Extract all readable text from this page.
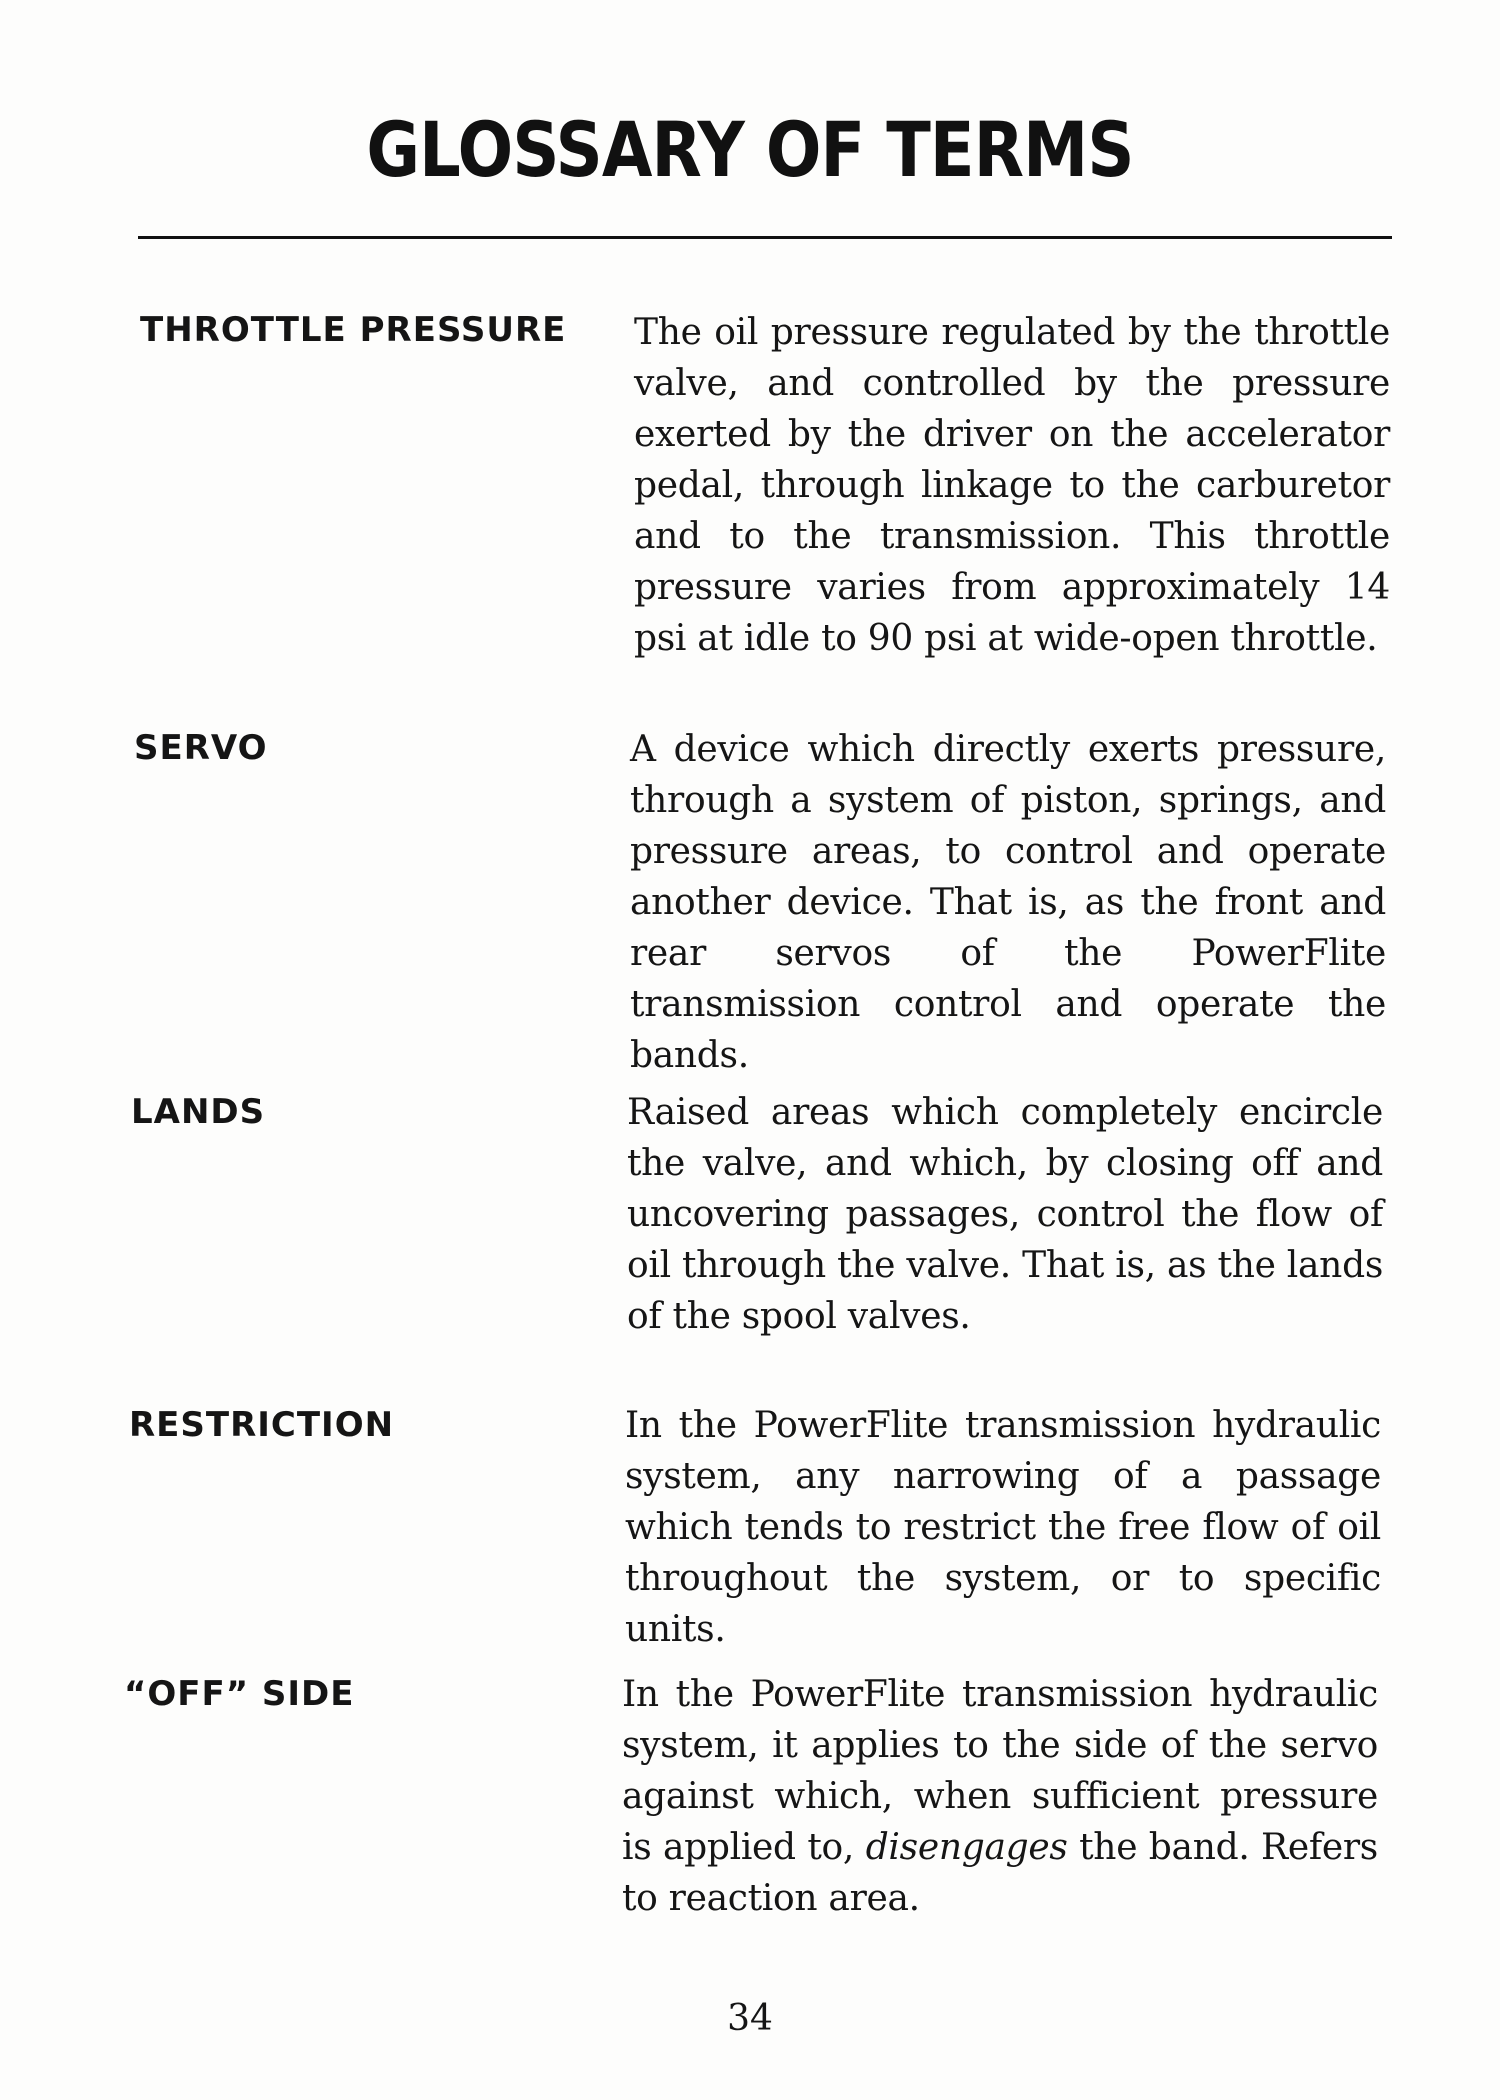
GLOSSARY OF TERMS
THROTTLE PRESSURE The oil pressure regulated by the throttle valve, and controlled by the pressure exerted by the driver on the accelerator pedal, through linkage to the carburetor and to the transmission. This throttle pressure varies from approximately 14 psi at idle to 90 psi at wide-open throttle.
SERVO	A device which directly exerts pressure, through a system of piston, springs, and pressure areas, to control and operate another device. That is, as the front and rear servos of the PowerFlite transmission control and operate the bands.
LANDS	Raised areas which completely encircle the valve, and which, by closing off and uncovering passages, control the flow of oil through the valve. That is, as the lands of the spool valves.
RESTRICTION	In the PowerFlite transmission hydraulic system, any narrowing of a passage which tends to restrict the free flow of oil throughout the system, or to specific units.
“OFF” SIDE	In the PowerFlite transmission hydraulic system, it applies to the side of the servo against which, when sufficient pressure is applied to, disengages the band. Refers to reaction area.
34
